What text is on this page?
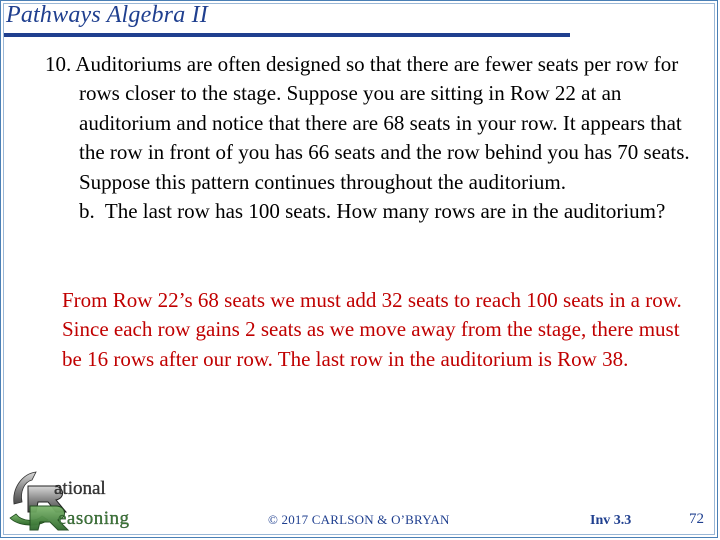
Pathways Algebra II
10. Auditoriums are often designed so that there are fewer seats per row for rows closer to the stage. Suppose you are sitting in Row 22 at an auditorium and notice that there are 68 seats in your row. It appears that the row in front of you has 66 seats and the row behind you has 70 seats. Suppose this pattern continues throughout the auditorium.
b. The last row has 100 seats. How many rows are in the auditorium?
From Row 22’s 68 seats we must add 32 seats to reach 100 seats in a row. Since each row gains 2 seats as we move away from the stage, there must be 16 rows after our row. The last row in the auditorium is Row 38.
ational
easoning	© 2017 CARLSON & O’BRYAN	Inv 3.3	72
